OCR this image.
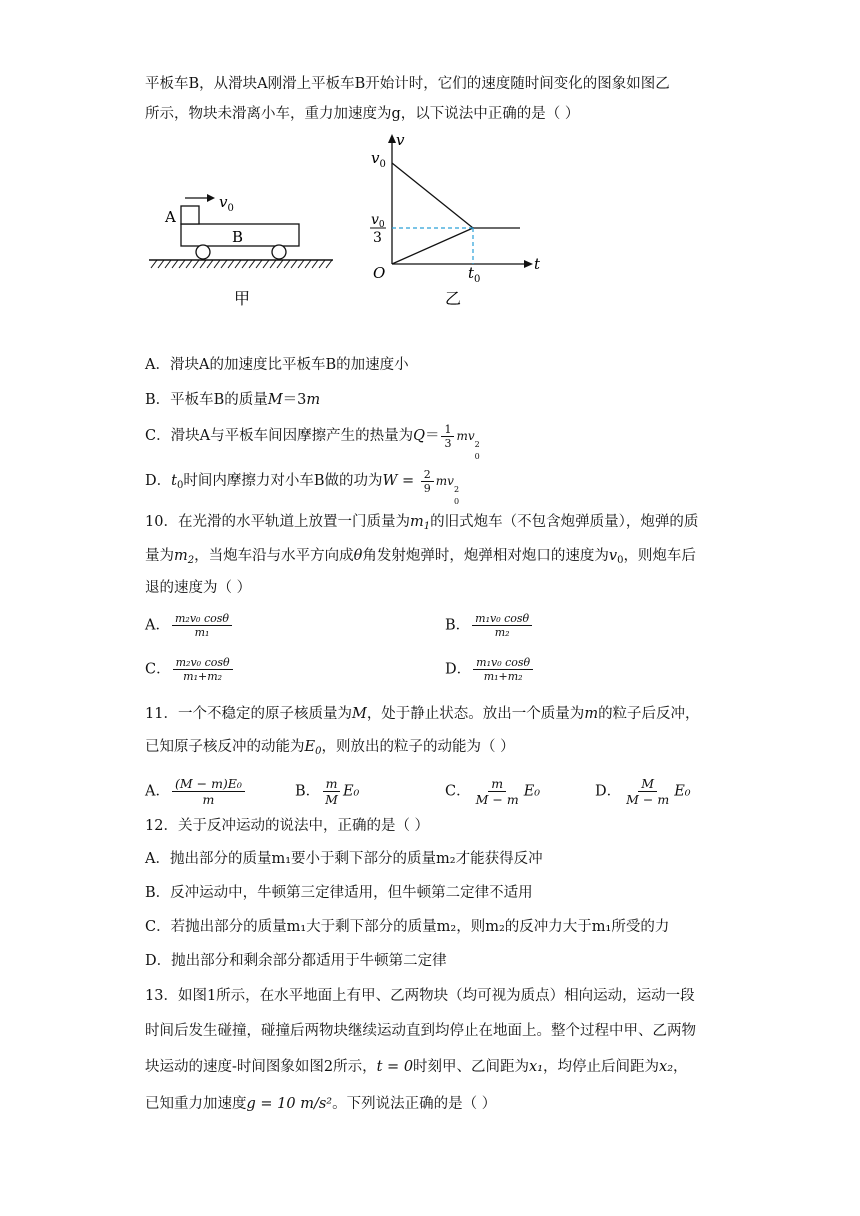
平板车B，从滑块A刚滑上平板车B开始计时，它们的速度随时间变化的图象如图乙
所示，物块未滑离小车，重力加速度为g，以下说法中正确的是（ ）
A
B
$v_0$
甲
v
t
O
$v_0$
$v_0$
3
$t_0$
乙
A．滑块A的加速度比平板车B的加速度小
B．平板车B的质量M＝3m
C．滑块A与平板车间因摩擦产生的热量为$Q= \frac{1}{3}$ mv
2
0
D．$t_0$时间内摩擦力对小车B做的功为$W = \frac{2}{9}$ mv
2
0
10．在光滑的水平轨道上放置一门质量为$m_1$的旧式炮车（不包含炮弹质量），炮弹的质
量为$m_2$，当炮车沿与水平方向成θ角发射炮弹时，炮弹相对炮口的速度为$v_0$，则炮车后
退的速度为（ ）
A． $\frac{\text{m₂v₀ cosθ}}{\text{m₁}}$	B． $\frac{\text{m₁v₀ cosθ}}{\text{m₂}}$
C． $\frac{\text{m₂v₀ cosθ}}{\text{m₁+m₂}}$	D． $\frac{\text{m₁v₀ cosθ}}{\text{m₁+m₂}}$
11．一个不稳定的原子核质量为M，处于静止状态。放出一个质量为m的粒子后反冲，
已知原子核反冲的动能为$E_0$，则放出的粒子的动能为（ ）
A． $\frac{\text{(M − m)E₀}}{m}$	B． $\frac{m}{M} E_0$	C． $\frac{m}{M - m} E_0$	D． $\frac{M}{M - m} E_0$
12．关于反冲运动的说法中，正确的是（ ）
A．抛出部分的质量m₁要小于剩下部分的质量m₂才能获得反冲
B．反冲运动中，牛顿第三定律适用，但牛顿第二定律不适用
C．若抛出部分的质量m₁大于剩下部分的质量m₂，则m₂的反冲力大于m₁所受的力
D．抛出部分和剩余部分都适用于牛顿第二定律
13．如图1所示，在水平地面上有甲、乙两物块（均可视为质点）相向运动，运动一段
时间后发生碰撞，碰撞后两物块继续运动直到均停止在地面上。整个过程中甲、乙两物
块运动的速度-时间图象如图2所示，t = 0时刻甲、乙间距为x₁，均停止后间距为x₂，
已知重力加速度g = 10 m/s²。下列说法正确的是（ ）
